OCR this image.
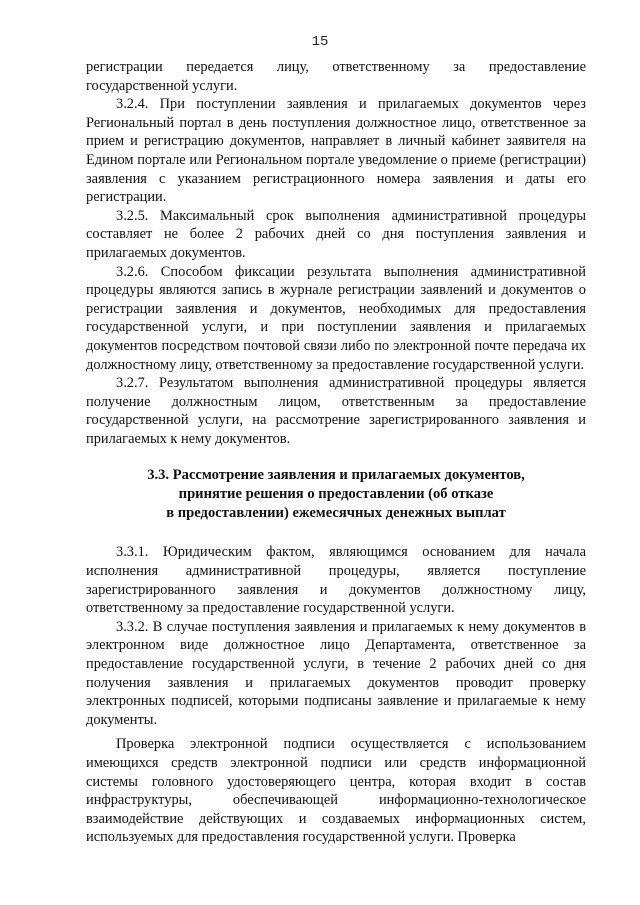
15

регистрации передается лицу, ответственному за предоставление государственной услуги.

3.2.4. При поступлении заявления и прилагаемых документов через Региональный портал в день поступления должностное лицо, ответственное за прием и регистрацию документов, направляет в личный кабинет заявителя на Едином портале или Региональном портале уведомление о приеме (регистрации) заявления с указанием регистрационного номера заявления и даты его регистрации.

3.2.5. Максимальный срок выполнения административной процедуры составляет не более 2 рабочих дней со дня поступления заявления и прилагаемых документов.

3.2.6. Способом фиксации результата выполнения административной процедуры являются запись в журнале регистрации заявлений и документов о регистрации заявления и документов, необходимых для предоставления государственной услуги, и при поступлении заявления и прилагаемых документов посредством почтовой связи либо по электронной почте передача их должностному лицу, ответственному за предоставление государственной услуги.

3.2.7. Результатом выполнения административной процедуры является получение должностным лицом, ответственным за предоставление государственной услуги, на рассмотрение зарегистрированного заявления и прилагаемых к нему документов.

3.3. Рассмотрение заявления и прилагаемых документов,
принятие решения о предоставлении (об отказе
в предоставлении) ежемесячных денежных выплат

3.3.1. Юридическим фактом, являющимся основанием для начала исполнения административной процедуры, является поступление зарегистрированного заявления и документов должностному лицу, ответственному за предоставление государственной услуги.

3.3.2. В случае поступления заявления и прилагаемых к нему документов в электронном виде должностное лицо Департамента, ответственное за предоставление государственной услуги, в течение 2 рабочих дней со дня получения заявления и прилагаемых документов проводит проверку электронных подписей, которыми подписаны заявление и прилагаемые к нему документы.

Проверка электронной подписи осуществляется с использованием имеющихся средств электронной подписи или средств информационной системы головного удостоверяющего центра, которая входит в состав инфраструктуры, обеспечивающей информационно-технологическое взаимодействие действующих и создаваемых информационных систем, используемых для предоставления государственной услуги. Проверка
